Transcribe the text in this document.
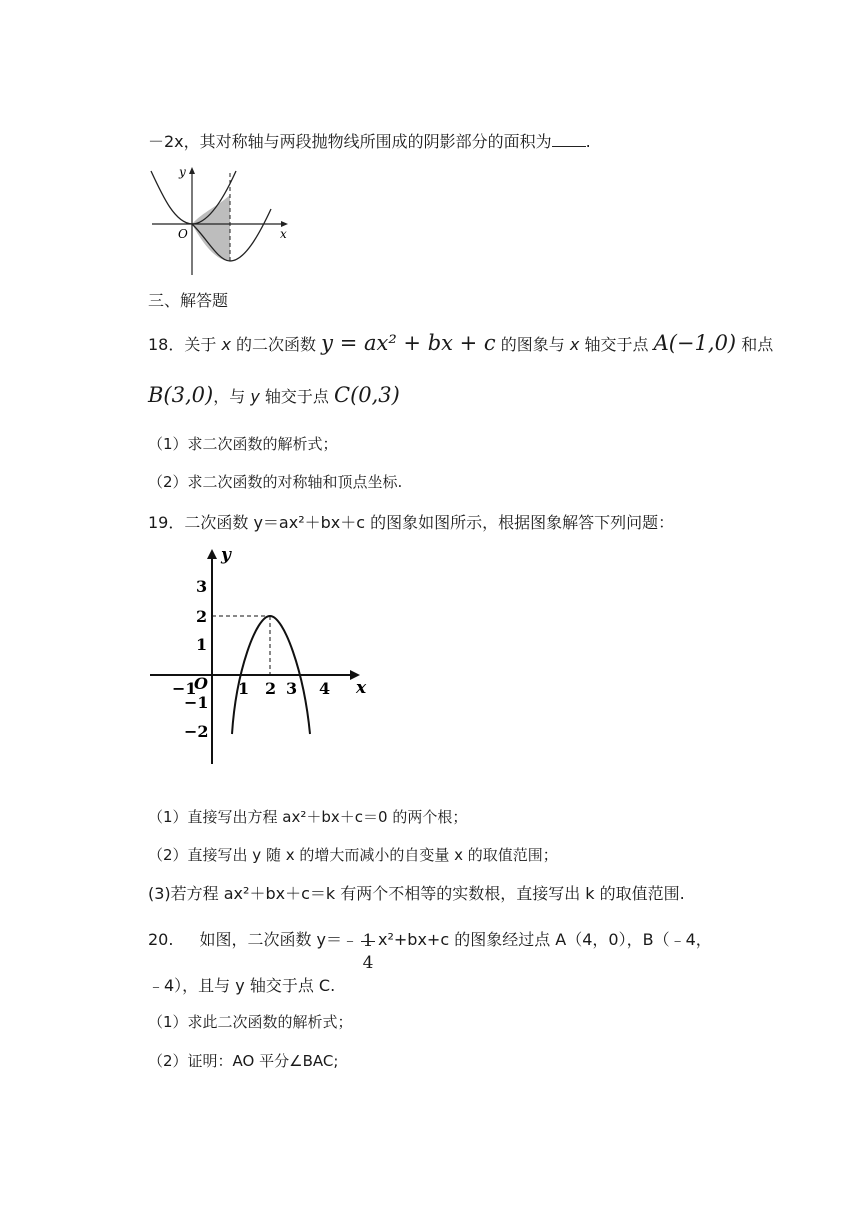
－2x，其对称轴与两段抛物线所围成的阴影部分的面积为 .
y
O	x
三、解答题
18．关于 x 的二次函数 y = ax² + bx + c 的图象与 x 轴交于点 A(−1,0) 和点
B(3,0)，与 y 轴交于点 C(0,3)
（1）求二次函数的解析式；
（2）求二次函数的对称轴和顶点坐标.
19．二次函数 y＝ax²＋bx＋c 的图象如图所示，根据图象解答下列问题：
y
x
O
3
2
1
−1
−2
−1	1 2 3 4
（1）直接写出方程 ax²＋bx＋c＝0 的两个根；
（2）直接写出 y 随 x 的增大而减小的自变量 x 的取值范围；
(3)若方程 ax²＋bx＋c＝k 有两个不相等的实数根，直接写出 k 的取值范围.
20. 如图，二次函数 y＝﹣ 1
4
x²+bx+c 的图象经过点 A（4，0），B（﹣4，
﹣4），且与 y 轴交于点 C.
（1）求此二次函数的解析式；
（2）证明：AO 平分∠BAC;
